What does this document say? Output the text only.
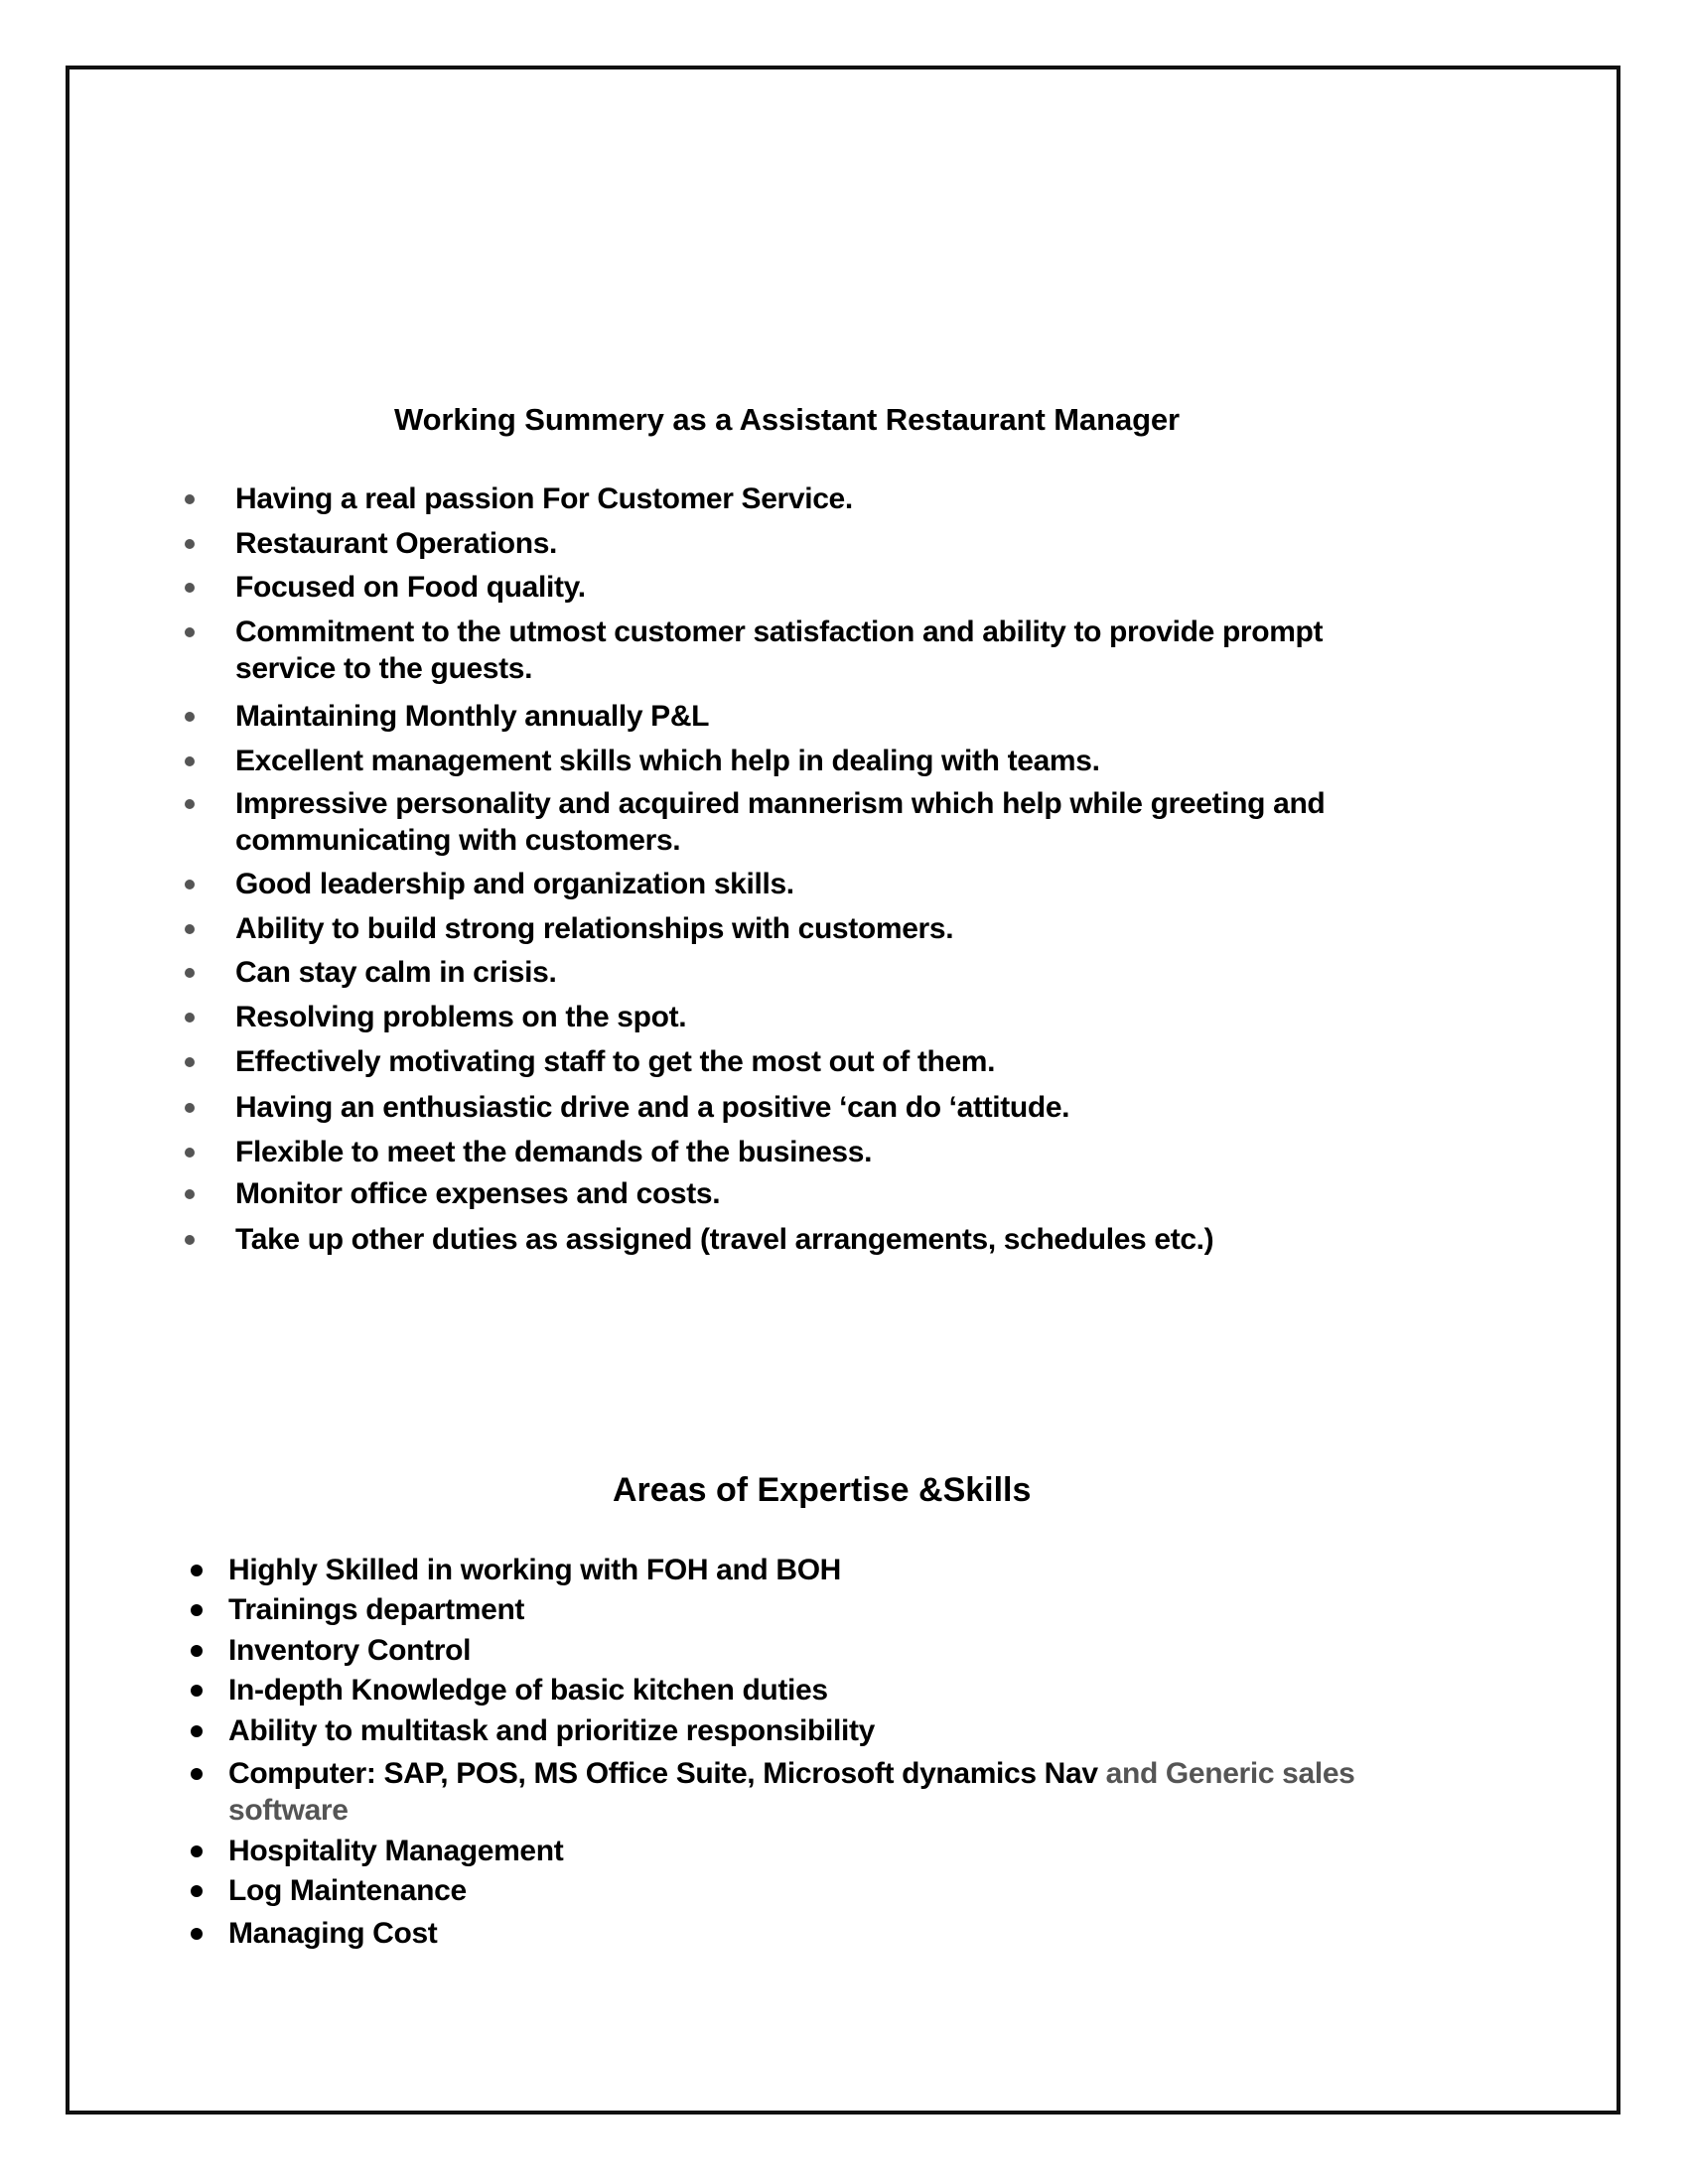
Working Summery as a Assistant Restaurant Manager
Having a real passion For Customer Service.
Restaurant Operations.
Focused on Food quality.
Commitment to the utmost customer satisfaction and ability to provide prompt
service to the guests.
Maintaining Monthly annually P&L
Excellent management skills which help in dealing with teams.
Impressive personality and acquired mannerism which help while greeting and
communicating with customers.
Good leadership and organization skills.
Ability to build strong relationships with customers.
Can stay calm in crisis.
Resolving problems on the spot.
Effectively motivating staff to get the most out of them.
Having an enthusiastic drive and a positive ‘can do ‘attitude.
Flexible to meet the demands of the business.
Monitor office expenses and costs.
Take up other duties as assigned (travel arrangements, schedules etc.)
Areas of Expertise &Skills
Highly Skilled in working with FOH and BOH
Trainings department
Inventory Control
In-depth Knowledge of basic kitchen duties
Ability to multitask and prioritize responsibility
Computer: SAP, POS, MS Office Suite, Microsoft dynamics Nav and Generic sales
software
Hospitality Management
Log Maintenance
Managing Cost
